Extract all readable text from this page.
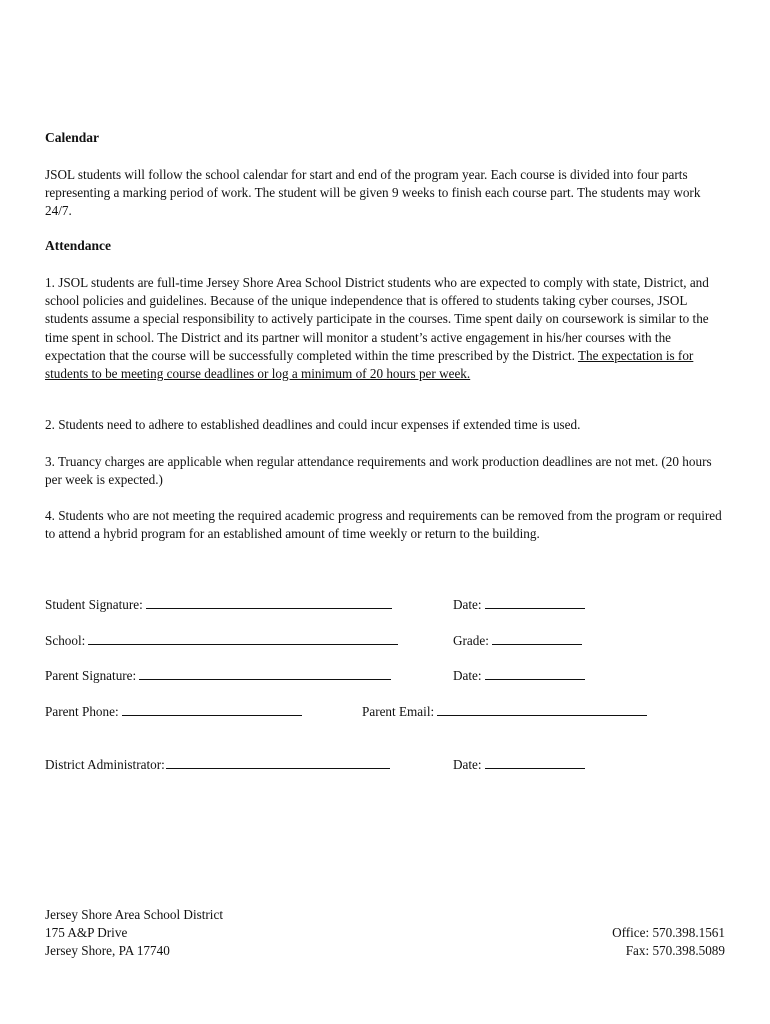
Calendar
JSOL students will follow the school calendar for start and end of the program year. Each course is divided into four parts representing a marking period of work. The student will be given 9 weeks to finish each course part. The students may work 24/7.
Attendance
1. JSOL students are full-time Jersey Shore Area School District students who are expected to comply with state, District, and school policies and guidelines. Because of the unique independence that is offered to students taking cyber courses, JSOL students assume a special responsibility to actively participate in the courses. Time spent daily on coursework is similar to the time spent in school. The District and its partner will monitor a student’s active engagement in his/her courses with the expectation that the course will be successfully completed within the time prescribed by the District. The expectation is for students to be meeting course deadlines or log a minimum of 20 hours per week.
2. Students need to adhere to established deadlines and could incur expenses if extended time is used.
3. Truancy charges are applicable when regular attendance requirements and work production deadlines are not met. (20 hours per week is expected.)
4. Students who are not meeting the required academic progress and requirements can be removed from the program or required to attend a hybrid program for an established amount of time weekly or return to the building.
Student Signature:	Date:
School:	Grade:
Parent Signature:	Date:
Parent Phone:	Parent Email:
District Administrator:	Date:
Jersey Shore Area School District
175 A&P Drive
Jersey Shore, PA 17740
Office: 570.398.1561
Fax: 570.398.5089
